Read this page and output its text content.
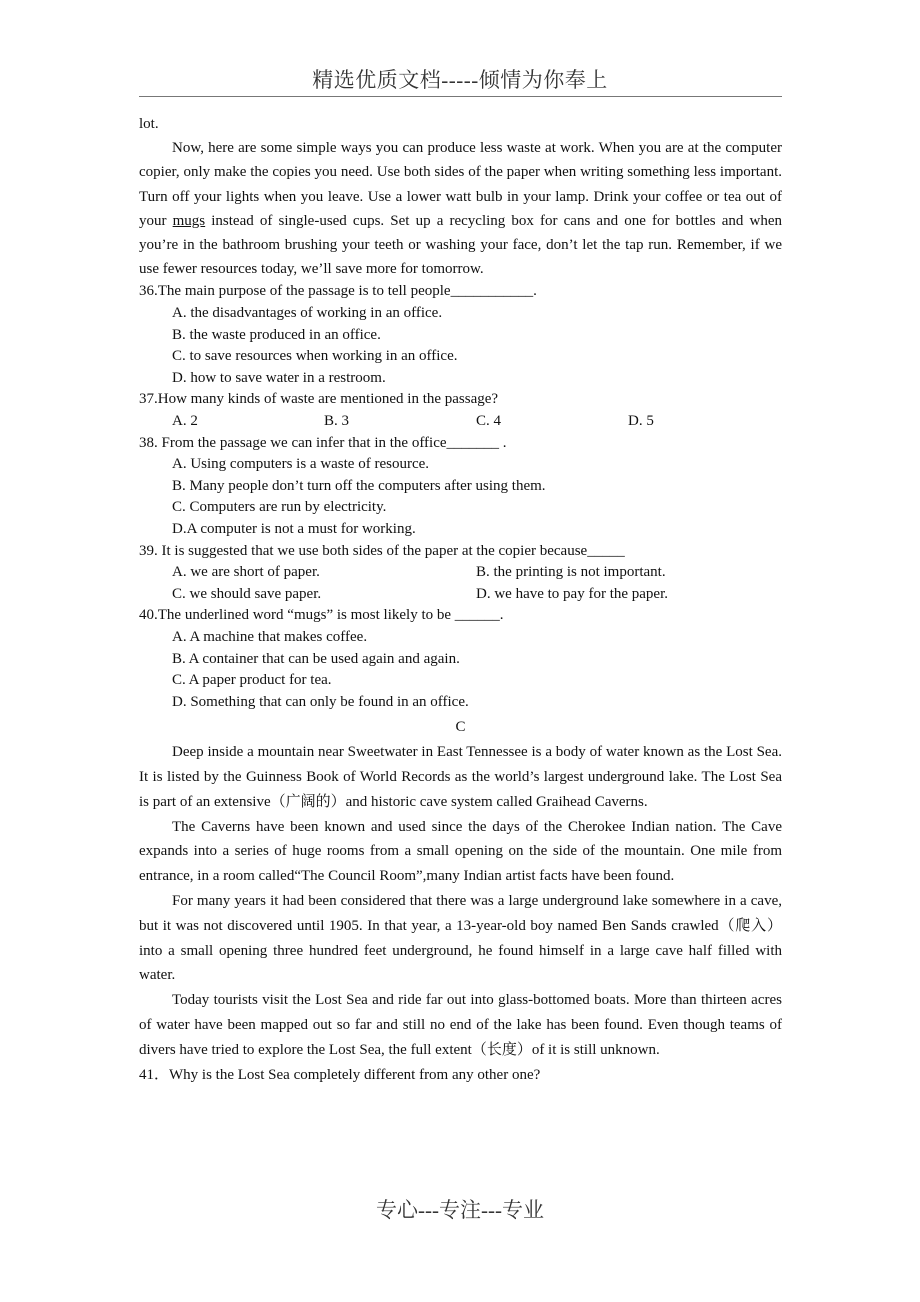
精选优质文档-----倾情为你奉上

lot.

Now, here are some simple ways you can produce less waste at work. When you are at the computer copier, only make the copies you need. Use both sides of the paper when writing something less important. Turn off your lights when you leave. Use a lower watt bulb in your lamp. Drink your coffee or tea out of your mugs instead of single-used cups. Set up a recycling box for cans and one for bottles and when you’re in the bathroom brushing your teeth or washing your face, don’t let the tap run. Remember, if we use fewer resources today, we’ll save more for tomorrow.

36.The main purpose of the passage is to tell people___________.

A. the disadvantages of working in an office.

B. the waste produced in an office.

C. to save resources when working in an office.

D. how to save water in a restroom.

37.How many kinds of waste are mentioned in the passage?

A. 2	B. 3	C. 4	D. 5

38. From the passage we can infer that in the office_______ .

A. Using computers is a waste of resource.

B. Many people don’t turn off the computers after using them.

C. Computers are run by electricity.

D.A computer is not a must for working.

39. It is suggested that we use both sides of the paper at the copier because_____

A. we are short of paper.	B. the printing is not important.
C. we should save paper.	D. we have to pay for the paper.

40.The underlined word “mugs” is most likely to be ______.

A. A machine that makes coffee.

B. A container that can be used again and again.

C. A paper product for tea.

D. Something that can only be found in an office.

C

Deep inside a mountain near Sweetwater in East Tennessee is a body of water known as the Lost Sea. It is listed by the Guinness Book of World Records as the world’s largest underground lake. The Lost Sea is part of an extensive（广阔的）and historic cave system called Graihead Caverns.

The Caverns have been known and used since the days of the Cherokee Indian nation. The Cave expands into a series of huge rooms from a small opening on the side of the mountain. One mile from entrance, in a room called“The Council Room”,many Indian artist facts have been found.

For many years it had been considered that there was a large underground lake somewhere in a cave, but it was not discovered until 1905. In that year, a 13-year-old boy named Ben Sands crawled（爬入）into a small opening three hundred feet underground, he found himself in a large cave half filled with water.

Today tourists visit the Lost Sea and ride far out into glass-bottomed boats. More than thirteen acres of water have been mapped out so far and still no end of the lake has been found. Even though teams of divers have tried to explore the Lost Sea, the full extent（长度）of it is still unknown.

41．Why is the Lost Sea completely different from any other one?

专心---专注---专业
